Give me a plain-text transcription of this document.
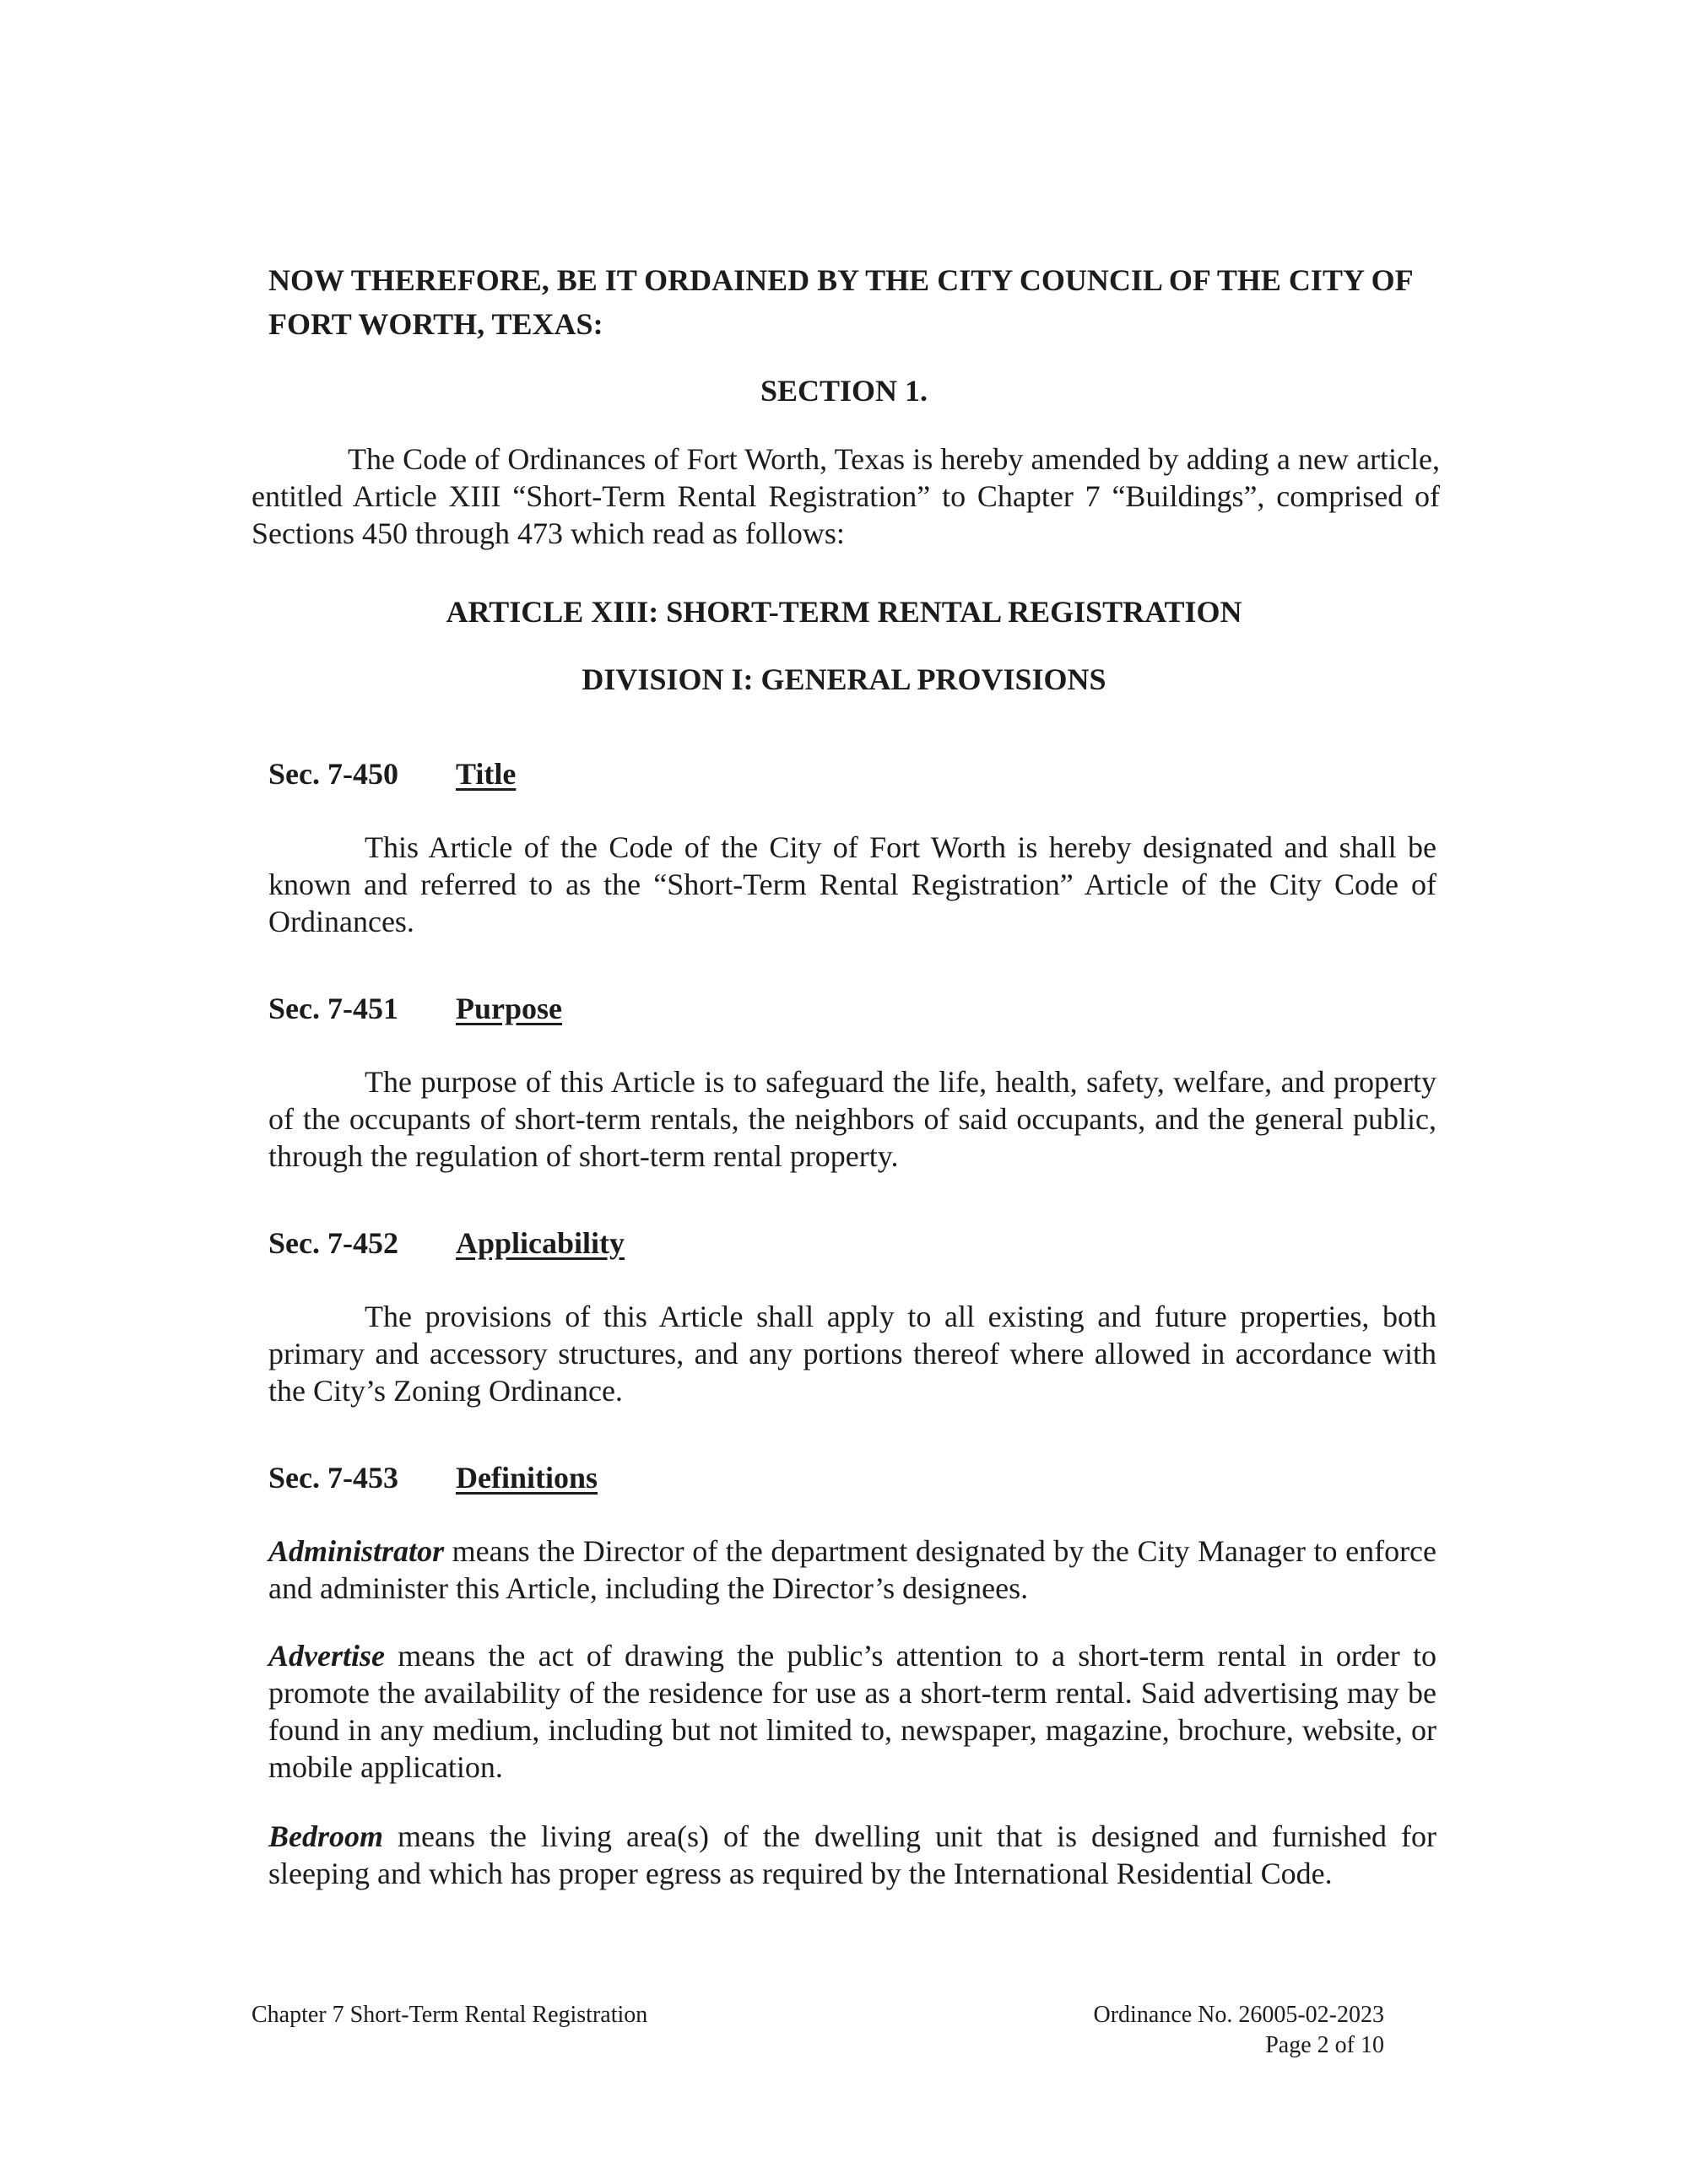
NOW THEREFORE, BE IT ORDAINED BY THE CITY COUNCIL OF THE CITY OF FORT WORTH, TEXAS:
SECTION 1.
The Code of Ordinances of Fort Worth, Texas is hereby amended by adding a new article, entitled Article XIII “Short-Term Rental Registration” to Chapter 7 “Buildings”, comprised of Sections 450 through 473 which read as follows:
ARTICLE XIII: SHORT-TERM RENTAL REGISTRATION
DIVISION I: GENERAL PROVISIONS
Sec. 7-450 Title
This Article of the Code of the City of Fort Worth is hereby designated and shall be known and referred to as the “Short-Term Rental Registration” Article of the City Code of Ordinances.
Sec. 7-451 Purpose
The purpose of this Article is to safeguard the life, health, safety, welfare, and property of the occupants of short-term rentals, the neighbors of said occupants, and the general public, through the regulation of short-term rental property.
Sec. 7-452 Applicability
The provisions of this Article shall apply to all existing and future properties, both primary and accessory structures, and any portions thereof where allowed in accordance with the City’s Zoning Ordinance.
Sec. 7-453 Definitions
Administrator means the Director of the department designated by the City Manager to enforce and administer this Article, including the Director’s designees.
Advertise means the act of drawing the public’s attention to a short-term rental in order to promote the availability of the residence for use as a short-term rental. Said advertising may be found in any medium, including but not limited to, newspaper, magazine, brochure, website, or mobile application.
Bedroom means the living area(s) of the dwelling unit that is designed and furnished for sleeping and which has proper egress as required by the International Residential Code.
Chapter 7 Short-Term Rental Registration	Ordinance No. 26005-02-2023
Page 2 of 10
